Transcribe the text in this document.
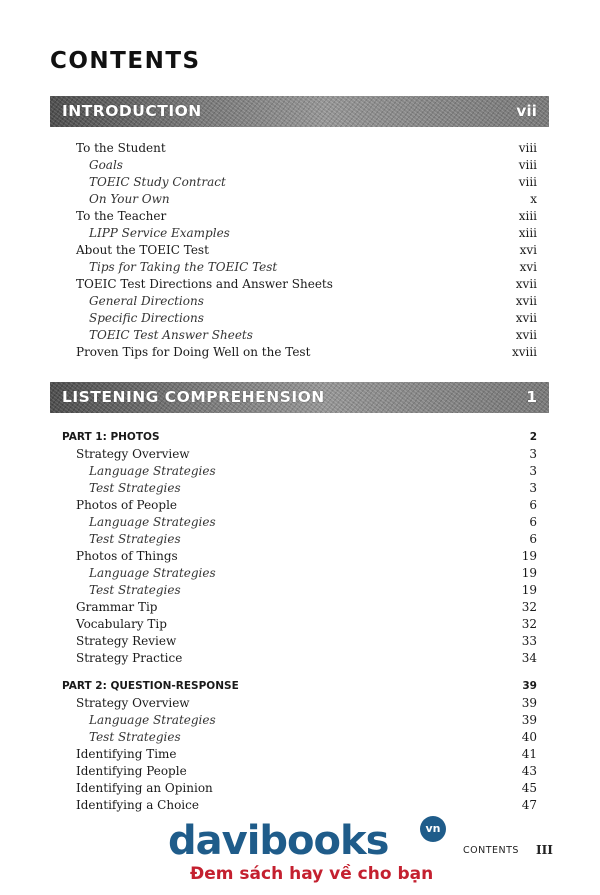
CONTENTS
INTRODUCTION	vii
To the Student	viii
Goals	viii
TOEIC Study Contract	viii
On Your Own	x
To the Teacher	xiii
LIPP Service Examples	xiii
About the TOEIC Test	xvi
Tips for Taking the TOEIC Test	xvi
TOEIC Test Directions and Answer Sheets	xvii
General Directions	xvii
Specific Directions	xvii
TOEIC Test Answer Sheets	xvii
Proven Tips for Doing Well on the Test	xviii
LISTENING COMPREHENSION	1
PART 1: PHOTOS	2
Strategy Overview	3
Language Strategies	3
Test Strategies	3
Photos of People	6
Language Strategies	6
Test Strategies	6
Photos of Things	19
Language Strategies	19
Test Strategies	19
Grammar Tip	32
Vocabulary Tip	32
Strategy Review	33
Strategy Practice	34
PART 2: QUESTION-RESPONSE	39
Strategy Overview	39
Language Strategies	39
Test Strategies	40
Identifying Time	41
Identifying People	43
Identifying an Opinion	45
Identifying a Choice	47
CONTENTS III
davibooks	vn
Đem sách hay về cho bạn
